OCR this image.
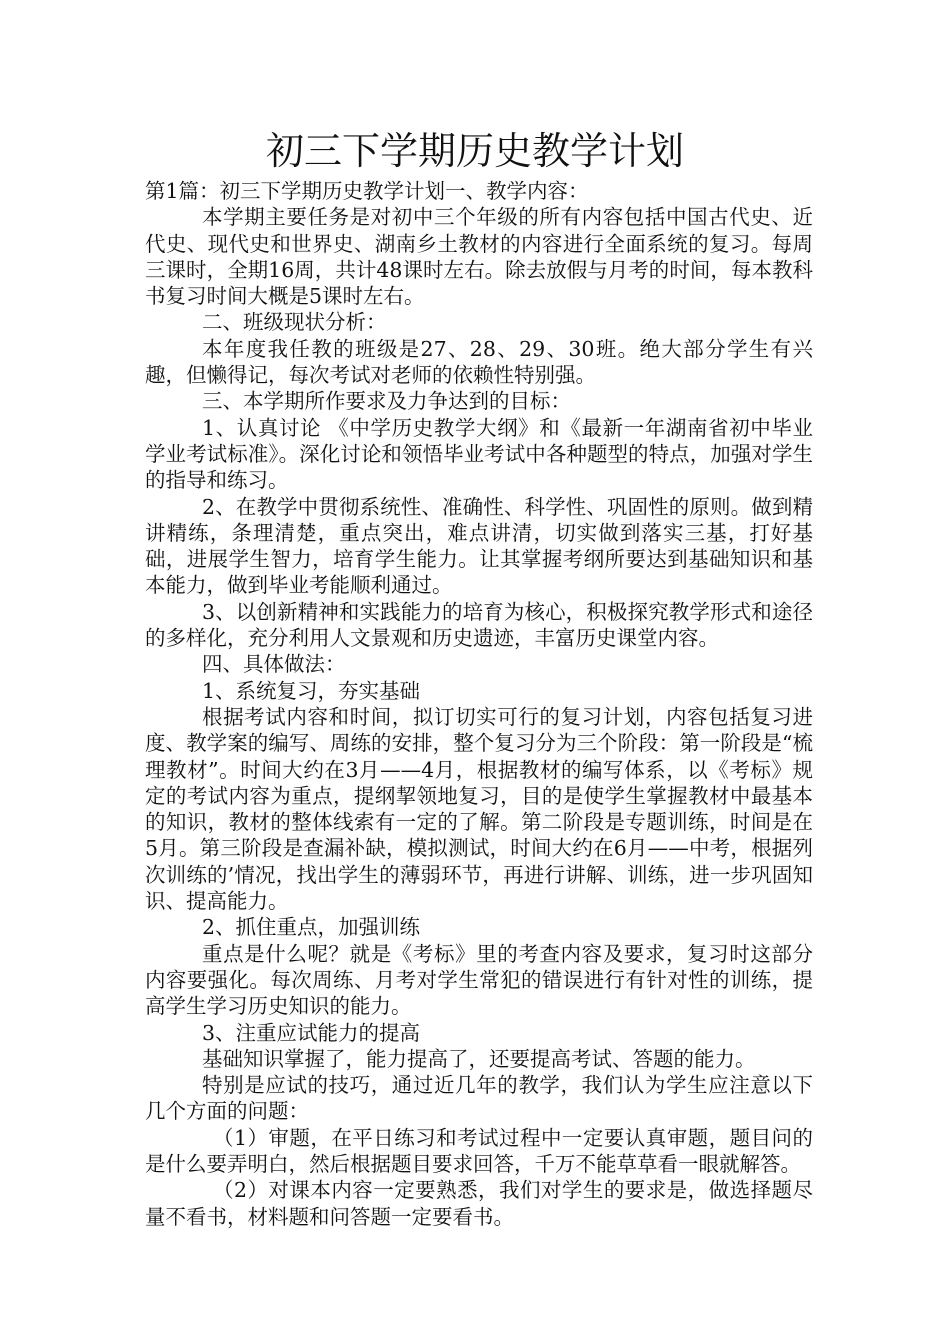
初三下学期历史教学计划

第1篇：初三下学期历史教学计划一、教学内容：

本学期主要任务是对初中三个年级的所有内容包括中国古代史、近代史、现代史和世界史、湖南乡土教材的内容进行全面系统的复习。每周三课时，全期16周，共计48课时左右。除去放假与月考的时间，每本教科书复习时间大概是5课时左右。

二、班级现状分析：

本年度我任教的班级是27、28、29、30班。绝大部分学生有兴趣，但懒得记，每次考试对老师的依赖性特别强。

三、本学期所作要求及力争达到的目标：

1、认真讨论 《中学历史教学大纲》和《最新一年湖南省初中毕业学业考试标准》。深化讨论和领悟毕业考试中各种题型的特点，加强对学生的指导和练习。

2、在教学中贯彻系统性、准确性、科学性、巩固性的原则。做到精讲精练，条理清楚，重点突出，难点讲清，切实做到落实三基，打好基础，进展学生智力，培育学生能力。让其掌握考纲所要达到基础知识和基本能力，做到毕业考能顺利通过。

3、以创新精神和实践能力的培育为核心，积极探究教学形式和途径的多样化，充分利用人文景观和历史遗迹，丰富历史课堂内容。

四、具体做法：

1、系统复习，夯实基础

根据考试内容和时间，拟订切实可行的复习计划，内容包括复习进度、教学案的编写、周练的安排，整个复习分为三个阶段：第一阶段是“梳理教材”。时间大约在3月——4月，根据教材的编写体系，以《考标》规定的考试内容为重点，提纲挈领地复习，目的是使学生掌握教材中最基本的知识，教材的整体线索有一定的了解。第二阶段是专题训练，时间是在5月。第三阶段是查漏补缺，模拟测试，时间大约在6月——中考，根据列次训练的’情况，找出学生的薄弱环节，再进行讲解、训练，进一步巩固知识、提高能力。

2、抓住重点，加强训练

重点是什么呢？就是《考标》里的考查内容及要求，复习时这部分内容要强化。每次周练、月考对学生常犯的错误进行有针对性的训练，提高学生学习历史知识的能力。

3、注重应试能力的提高

基础知识掌握了，能力提高了，还要提高考试、答题的能力。

特别是应试的技巧，通过近几年的教学，我们认为学生应注意以下几个方面的问题：

（1）审题，在平日练习和考试过程中一定要认真审题，题目问的是什么要弄明白，然后根据题目要求回答，千万不能草草看一眼就解答。

（2）对课本内容一定要熟悉，我们对学生的要求是，做选择题尽量不看书，材料题和问答题一定要看书。
